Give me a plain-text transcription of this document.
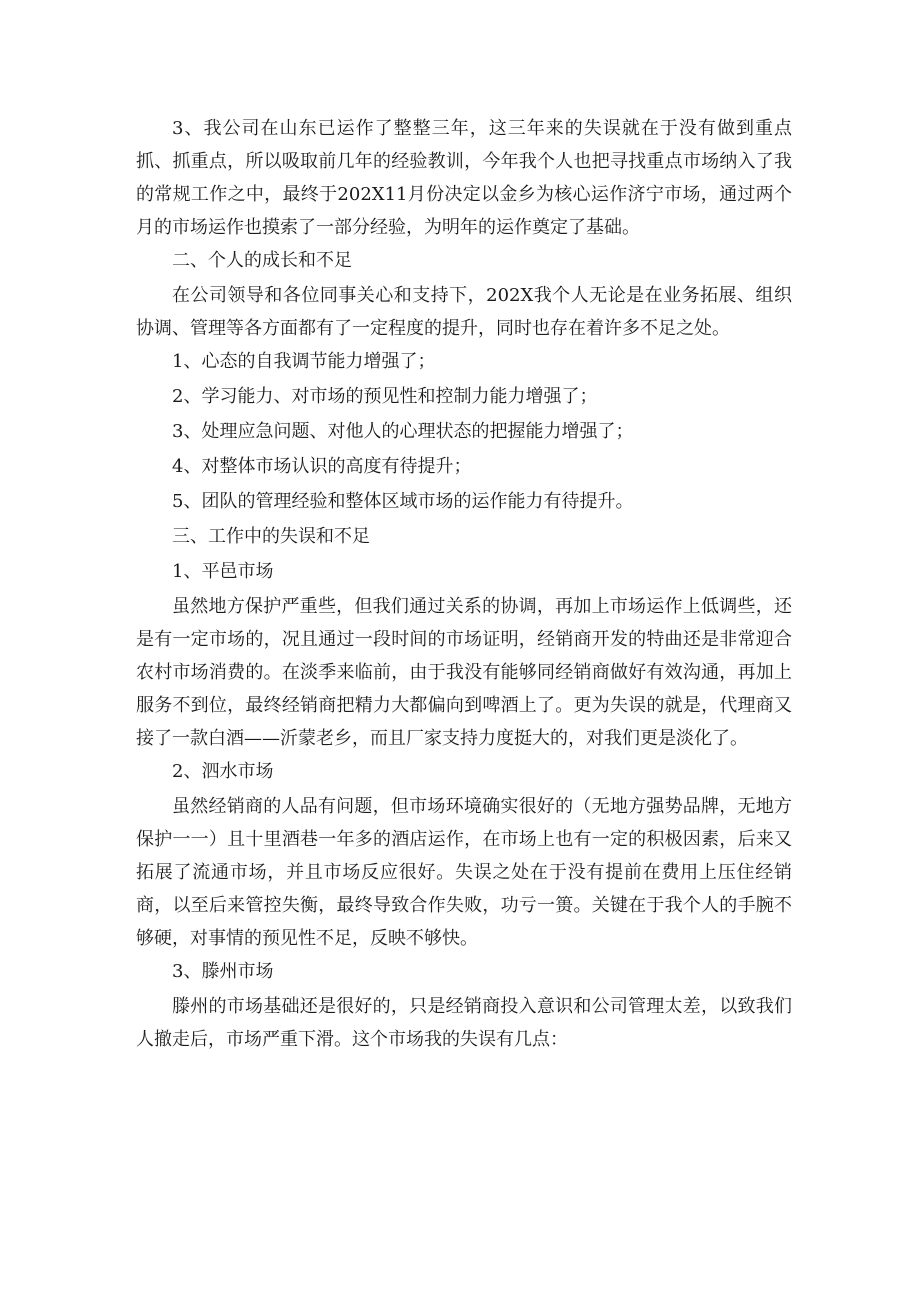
3、我公司在山东已运作了整整三年，这三年来的失误就在于没有做到重点抓、抓重点，所以吸取前几年的经验教训，今年我个人也把寻找重点市场纳入了我的常规工作之中，最终于202X11月份决定以金乡为核心运作济宁市场，通过两个月的市场运作也摸索了一部分经验，为明年的运作奠定了基础。

二、个人的成长和不足

在公司领导和各位同事关心和支持下，202X我个人无论是在业务拓展、组织协调、管理等各方面都有了一定程度的提升，同时也存在着许多不足之处。

1、心态的自我调节能力增强了；

2、学习能力、对市场的预见性和控制力能力增强了；

3、处理应急问题、对他人的心理状态的把握能力增强了；

4、对整体市场认识的高度有待提升；

5、团队的管理经验和整体区域市场的运作能力有待提升。

三、工作中的失误和不足

1、平邑市场

虽然地方保护严重些，但我们通过关系的协调，再加上市场运作上低调些，还是有一定市场的，况且通过一段时间的市场证明，经销商开发的特曲还是非常迎合农村市场消费的。在淡季来临前，由于我没有能够同经销商做好有效沟通，再加上服务不到位，最终经销商把精力大都偏向到啤酒上了。更为失误的就是，代理商又接了一款白酒——沂蒙老乡，而且厂家支持力度挺大的，对我们更是淡化了。

2、泗水市场

虽然经销商的人品有问题，但市场环境确实很好的（无地方强势品牌，无地方保护一一）且十里酒巷一年多的酒店运作，在市场上也有一定的积极因素，后来又拓展了流通市场，并且市场反应很好。失误之处在于没有提前在费用上压住经销商，以至后来管控失衡，最终导致合作失败，功亏一篑。关键在于我个人的手腕不够硬，对事情的预见性不足，反映不够快。

3、滕州市场

滕州的市场基础还是很好的，只是经销商投入意识和公司管理太差，以致我们人撤走后，市场严重下滑。这个市场我的失误有几点：
